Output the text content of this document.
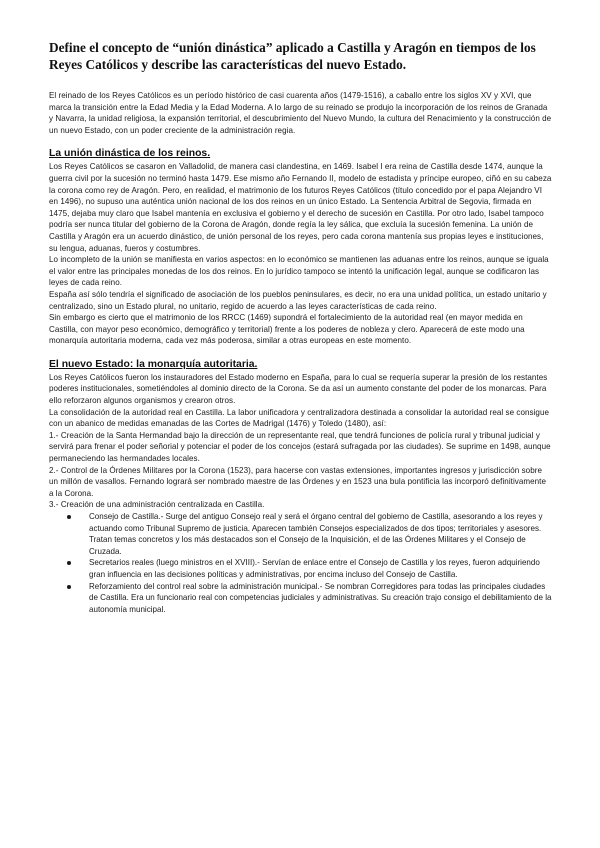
Define el concepto de “unión dinástica” aplicado a Castilla y Aragón en tiempos de los Reyes Católicos y describe las características del nuevo Estado.

El reinado de los Reyes Católicos es un período histórico de casi cuarenta años (1479-1516), a caballo entre los siglos XV y XVI, que marca la transición entre la Edad Media y la Edad Moderna. A lo largo de su reinado se produjo la incorporación de los reinos de Granada y Navarra, la unidad religiosa, la expansión territorial, el descubrimiento del Nuevo Mundo, la cultura del Renacimiento y la construcción de un nuevo Estado, con un poder creciente de la administración regia.

La unión dinástica de los reinos.

Los Reyes Católicos se casaron en Valladolid, de manera casi clandestina, en 1469. Isabel I era reina de Castilla desde 1474, aunque la guerra civil por la sucesión no terminó hasta 1479. Ese mismo año Fernando II, modelo de estadista y príncipe europeo, ciñó en su cabeza la corona como rey de Aragón. Pero, en realidad, el matrimonio de los futuros Reyes Católicos (título concedido por el papa Alejandro VI en 1496), no supuso una auténtica unión nacional de los dos reinos en un único Estado. La Sentencia Arbitral de Segovia, firmada en 1475, dejaba muy claro que Isabel mantenía en exclusiva el gobierno y el derecho de sucesión en Castilla. Por otro lado, Isabel tampoco podría ser nunca titular del gobierno de la Corona de Aragón, donde regía la ley sálica, que excluía la sucesión femenina. La unión de Castilla y Aragón era un acuerdo dinástico, de unión personal de los reyes, pero cada corona mantenía sus propias leyes e instituciones, su lengua, aduanas, fueros y costumbres.

Lo incompleto de la unión se manifiesta en varios aspectos: en lo económico se mantienen las aduanas entre los reinos, aunque se iguala el valor entre las principales monedas de los dos reinos. En lo jurídico tampoco se intentó la unificación legal, aunque se codificaron las leyes de cada reino.

España así sólo tendría el significado de asociación de los pueblos peninsulares, es decir, no era una unidad política, un estado unitario y centralizado, sino un Estado plural, no unitario, regido de acuerdo a las leyes características de cada reino.

Sin embargo es cierto que el matrimonio de los RRCC (1469) supondrá el fortalecimiento de la autoridad real (en mayor medida en Castilla, con mayor peso económico, demográfico y territorial) frente a los poderes de nobleza y clero. Aparecerá de este modo una monarquía autoritaria moderna, cada vez más poderosa, similar a otras europeas en este momento.

El nuevo Estado: la monarquía autoritaria.

Los Reyes Católicos fueron los instauradores del Estado moderno en España, para lo cual se requería superar la presión de los restantes poderes institucionales, sometiéndoles al dominio directo de la Corona. Se da así un aumento constante del poder de los monarcas. Para ello reforzaron algunos organismos y crearon otros.

La consolidación de la autoridad real en Castilla. La labor unificadora y centralizadora destinada a consolidar la autoridad real se consigue con un abanico de medidas emanadas de las Cortes de Madrigal (1476) y Toledo (1480), así:

1.- Creación de la Santa Hermandad bajo la dirección de un representante real, que tendrá funciones de policía rural y tribunal judicial y servirá para frenar el poder señorial y potenciar el poder de los concejos (estará sufragada por las ciudades). Se suprime en 1498, aunque permaneciendo las hermandades locales.

2.- Control de la Órdenes Militares por la Corona (1523), para hacerse con vastas extensiones, importantes ingresos y jurisdicción sobre un millón de vasallos. Fernando logrará ser nombrado maestre de las Órdenes y en 1523 una bula pontificia las incorporó definitivamente a la Corona.

3.- Creación de una administración centralizada en Castilla.

Consejo de Castilla.- Surge del antiguo Consejo real y será el órgano central del gobierno de Castilla, asesorando a los reyes y actuando como Tribunal Supremo de justicia. Aparecen también Consejos especializados de dos tipos; territoriales y asesores. Tratan temas concretos y los más destacados son el Consejo de la Inquisición, el de las Órdenes Militares y el Consejo de Cruzada.
Secretarios reales (luego ministros en el XVIII).- Servían de enlace entre el Consejo de Castilla y los reyes, fueron adquiriendo gran influencia en las decisiones políticas y administrativas, por encima incluso del Consejo de Castilla.
Reforzamiento del control real sobre la administración municipal.- Se nombran Corregidores para todas las principales ciudades de Castilla. Era un funcionario real con competencias judiciales y administrativas. Su creación trajo consigo el debilitamiento de la autonomía municipal.
